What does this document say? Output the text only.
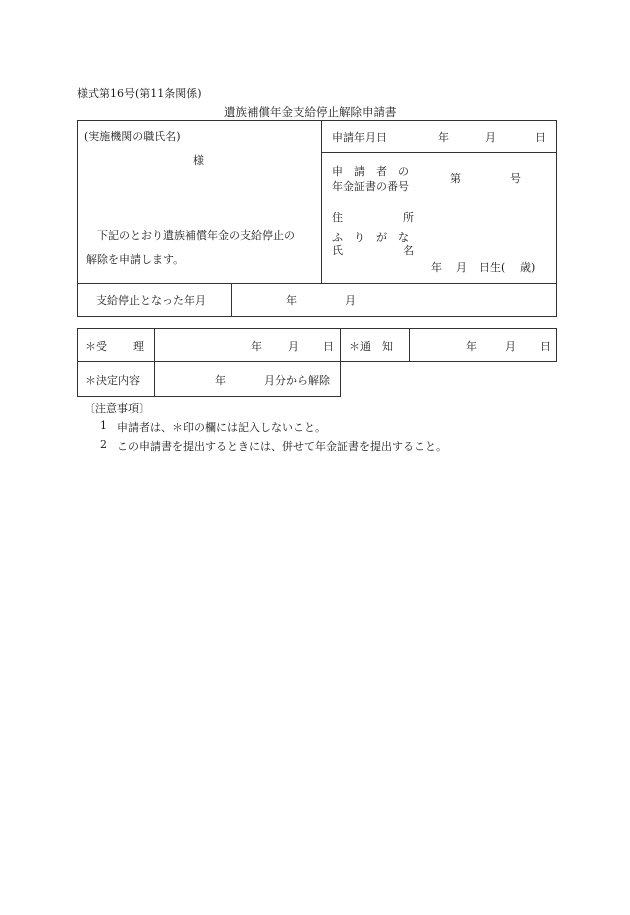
様式第16号(第11条関係)
遺族補償年金支給停止解除申請書
(実施機関の職氏名)
様
下記のとおり遺族補償年金の支給停止の
解除を申請します。
申請年月日	年	月	日
申　請　者　の
年金証書の番号
第	号
住	所
ふ　り　が　な
氏	名
年 月 日生( 歳)
支給停止となった年月	年	月
＊受 理	年 月 日 ＊通　知	年	月 日
＊決定内容	年	月分から解除
〔注意事項〕
1 申請者は、＊印の欄には記入しないこと。
2 この申請書を提出するときには、併せて年金証書を提出すること。
